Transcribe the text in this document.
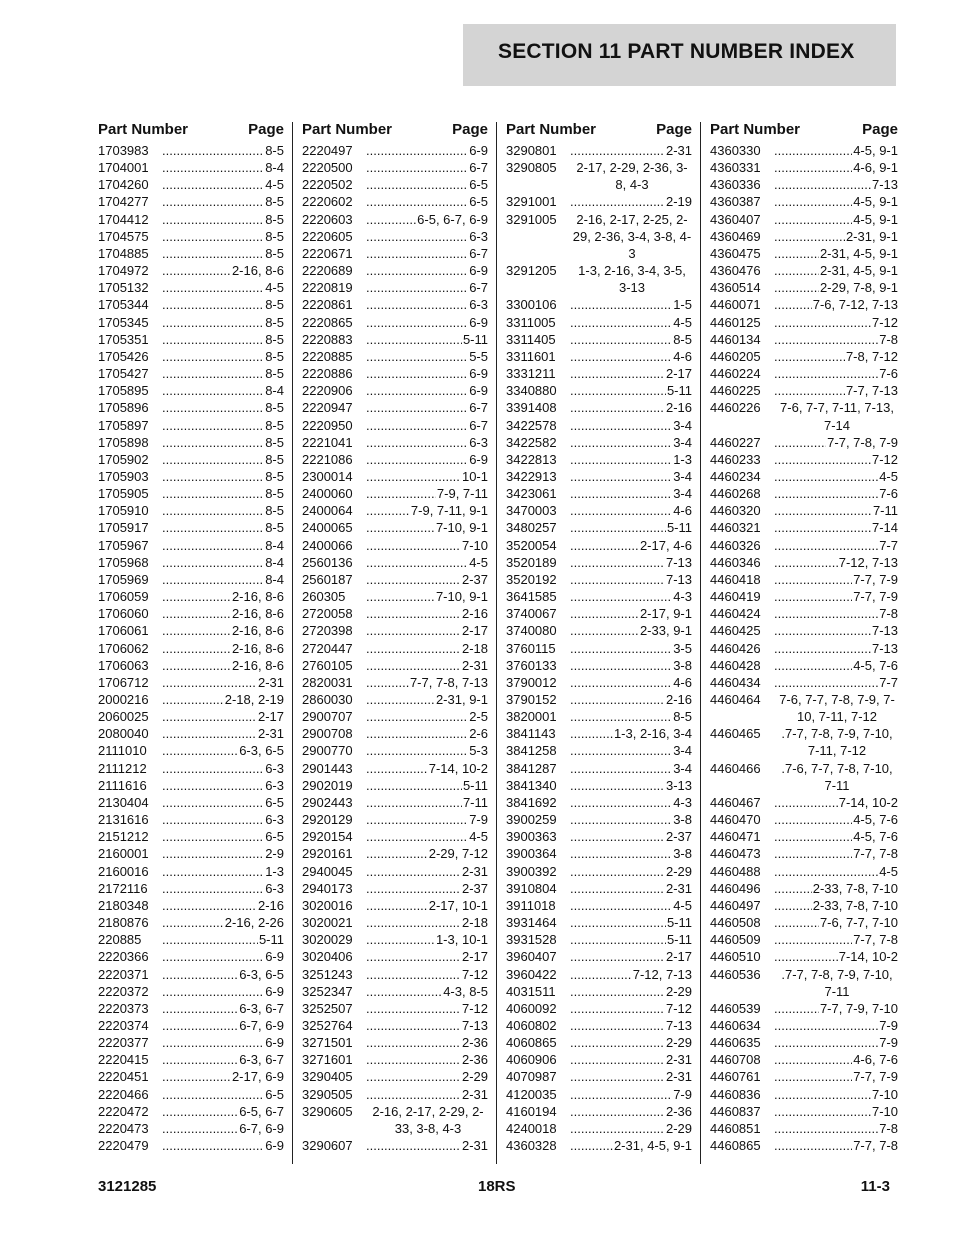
SECTION 11 PART NUMBER INDEX
Part Number	Page
1703983 .....	8-5
1704001 .....	8-4
1704260 .....	4-5
1704277 .....	8-5
1704412 .....	8-5
1704575 .....	8-5
1704885 .....	8-5
1704972 .....	2-16, 8-6
1705132 .....	4-5
1705344 .....	8-5
1705345 .....	8-5
1705351 .....	8-5
1705426 .....	8-5
1705427 .....	8-5
1705895 .....	8-4
1705896 .....	8-5
1705897 .....	8-5
1705898 .....	8-5
1705902 .....	8-5
1705903 .....	8-5
1705905 .....	8-5
1705910 .....	8-5
1705917 .....	8-5
1705967 .....	8-4
1705968 .....	8-4
1705969 .....	8-4
1706059 .....	2-16, 8-6
1706060 .....	2-16, 8-6
1706061 .....	2-16, 8-6
1706062 .....	2-16, 8-6
1706063 .....	2-16, 8-6
1706712 .....	2-31
2000216 .....	2-18, 2-19
2060025 .....	2-17
2080040 .....	2-31
2111010 .....	6-3, 6-5
2111212 .....	6-3
2111616 .....	6-3
2130404 .....	6-5
2131616 .....	6-3
2151212 .....	6-5
2160001 .....	2-9
2160016 .....	1-3
2172116 .....	6-3
2180348 .....	2-16
2180876 .....	2-16, 2-26
220885 .....	5-11
2220366 .....	6-9
2220371 .....	6-3, 6-5
2220372 .....	6-9
2220373 .....	6-3, 6-7
2220374 .....	6-7, 6-9
2220377 .....	6-9
2220415 .....	6-3, 6-7
2220451 .....	2-17, 6-9
2220466 .....	6-5
2220472 .....	6-5, 6-7
2220473 .....	6-7, 6-9
2220479 .....	6-9
Part Number	Page
2220497 .....	6-9
2220500 .....	6-7
2220502 .....	6-5
2220602 .....	6-5
2220603 .....	6-5, 6-7, 6-9
2220605 .....	6-3
2220671 .....	6-7
2220689 .....	6-9
2220819 .....	6-7
2220861 .....	6-3
2220865 .....	6-9
2220883 .....	5-11
2220885 .....	5-5
2220886 .....	6-9
2220906 .....	6-9
2220947 .....	6-7
2220950 .....	6-7
2221041 .....	6-3
2221086 .....	6-9
2300014 .....	10-1
2400060 .....	7-9, 7-11
2400064 .....	7-9, 7-11, 9-1
2400065 .....	7-10, 9-1
2400066 .....	7-10
2560136 .....	4-5
2560187 .....	2-37
260305 .....	7-10, 9-1
2720058 .....	2-16
2720398 .....	2-17
2720447 .....	2-18
2760105 .....	2-31
2820031 .....	7-7, 7-8, 7-13
2860030 .....	2-31, 9-1
2900707 .....	2-5
2900708 .....	2-6
2900770 .....	5-3
2901443 .....	7-14, 10-2
2902019 .....	5-11
2902443 .....	7-11
2920129 .....	7-9
2920154 .....	4-5
2920161 .....	2-29, 7-12
2940045 .....	2-31
2940173 .....	2-37
3020016 .....	2-17, 10-1
3020021 .....	2-18
3020029 .....	1-3, 10-1
3020406 .....	2-17
3251243 .....	7-12
3252347 .....	4-3, 8-5
3252507 .....	7-12
3252764 .....	7-13
3271501 .....	2-36
3271601 .....	2-36
3290405 .....	2-29
3290505 .....	2-31
3290605	2-16, 2-17, 2-29, 2-33, 3-8, 4-3
3290607 .....	2-31
Part Number	Page
3290801 .....	2-31
3290805	2-17, 2-29, 2-36, 3-8, 4-3
3291001 .....	2-19
3291005	2-16, 2-17, 2-25, 2-29, 2-36, 3-4, 3-8, 4-3
3291205	1-3, 2-16, 3-4, 3-5, 3-13
3300106 .....	1-5
3311005 .....	4-5
3311405 .....	8-5
3311601 .....	4-6
3331211 .....	2-17
3340880 .....	5-11
3391408 .....	2-16
3422578 .....	3-4
3422582 .....	3-4
3422813 .....	1-3
3422913 .....	3-4
3423061 .....	3-4
3470003 .....	4-6
3480257 .....	5-11
3520054 .....	2-17, 4-6
3520189 .....	7-13
3520192 .....	7-13
3641585 .....	4-3
3740067 .....	2-17, 9-1
3740080 .....	2-33, 9-1
3760115 .....	3-5
3760133 .....	3-8
3790012 .....	4-6
3790152 .....	2-16
3820001 .....	8-5
3841143 .....	1-3, 2-16, 3-4
3841258 .....	3-4
3841287 .....	3-4
3841340 .....	3-13
3841692 .....	4-3
3900259 .....	3-8
3900363 .....	2-37
3900364 .....	3-8
3900392 .....	2-29
3910804 .....	2-31
3911018 .....	4-5
3931464 .....	5-11
3931528 .....	5-11
3960407 .....	2-17
3960422 .....	7-12, 7-13
4031511 .....	2-29
4060092 .....	7-12
4060802 .....	7-13
4060865 .....	2-29
4060906 .....	2-31
4070987 .....	2-31
4120035 .....	7-9
4160194 .....	2-36
4240018 .....	2-29
4360328 .....	2-31, 4-5, 9-1
Part Number	Page
4360330 .....	4-5, 9-1
4360331 .....	4-6, 9-1
4360336 .....	7-13
4360387 .....	4-5, 9-1
4360407 .....	4-5, 9-1
4360469 .....	2-31, 9-1
4360475 .....	2-31, 4-5, 9-1
4360476 .....	2-31, 4-5, 9-1
4360514 .....	2-29, 7-8, 9-1
4460071 .....	7-6, 7-12, 7-13
4460125 .....	7-12
4460134 .....	7-8
4460205 .....	7-8, 7-12
4460224 .....	7-6
4460225 .....	7-7, 7-13
4460226	7-6, 7-7, 7-11, 7-13, 7-14
4460227 .....	7-7, 7-8, 7-9
4460233 .....	7-12
4460234 .....	4-5
4460268 .....	7-6
4460320 .....	7-11
4460321 .....	7-14
4460326 .....	7-7
4460346 .....	7-12, 7-13
4460418 .....	7-7, 7-9
4460419 .....	7-7, 7-9
4460424 .....	7-8
4460425 .....	7-13
4460426 .....	7-13
4460428 .....	4-5, 7-6
4460434 .....	7-7
4460464	7-6, 7-7, 7-8, 7-9, 7-10, 7-11, 7-12
4460465	.7-7, 7-8, 7-9, 7-10, 7-11, 7-12
4460466	.7-6, 7-7, 7-8, 7-10, 7-11
4460467 .....	7-14, 10-2
4460470 .....	4-5, 7-6
4460471 .....	4-5, 7-6
4460473 .....	7-7, 7-8
4460488 .....	4-5
4460496 .....	2-33, 7-8, 7-10
4460497 .....	2-33, 7-8, 7-10
4460508 .....	7-6, 7-7, 7-10
4460509 .....	7-7, 7-8
4460510 .....	7-14, 10-2
4460536	.7-7, 7-8, 7-9, 7-10, 7-11
4460539 .....	7-7, 7-9, 7-10
4460634 .....	7-9
4460635 .....	7-9
4460708 .....	4-6, 7-6
4460761 .....	7-7, 7-9
4460836 .....	7-10
4460837 .....	7-10
4460851 .....	7-8
4460865 .....	7-7, 7-8
3121285	18RS	11-3
